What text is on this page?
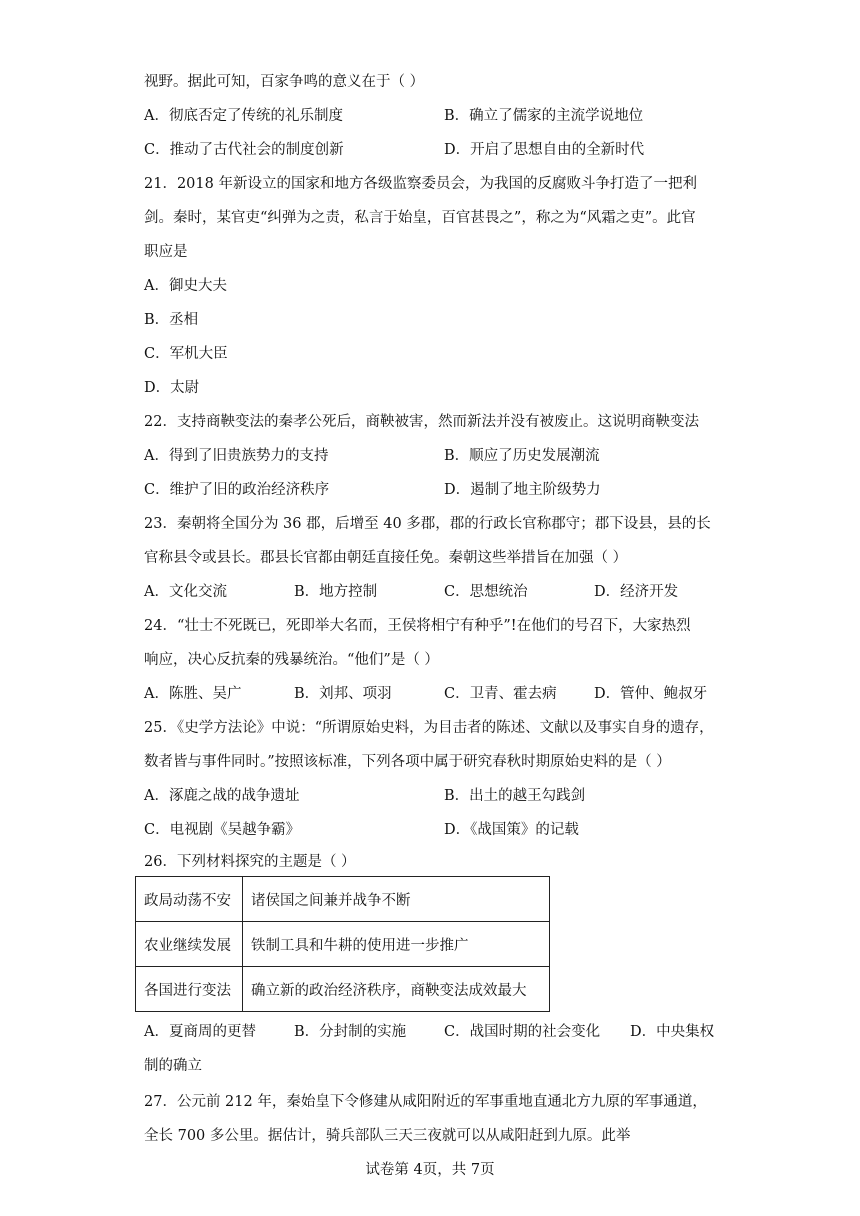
视野。据此可知，百家争鸣的意义在于（ ）
A．彻底否定了传统的礼乐制度	B．确立了儒家的主流学说地位
C．推动了古代社会的制度创新	D．开启了思想自由的全新时代
21．2018 年新设立的国家和地方各级监察委员会，为我国的反腐败斗争打造了一把利
剑。秦时，某官吏“纠弹为之责，私言于始皇，百官甚畏之”，称之为“风霜之吏”。此官
职应是
A．御史大夫
B．丞相
C．军机大臣
D．太尉
22．支持商鞅变法的秦孝公死后，商鞅被害，然而新法并没有被废止。这说明商鞅变法
A．得到了旧贵族势力的支持	B．顺应了历史发展潮流
C．维护了旧的政治经济秩序	D．遏制了地主阶级势力
23．秦朝将全国分为 36 郡，后增至 40 多郡，郡的行政长官称郡守；郡下设县，县的长
官称县令或县长。郡县长官都由朝廷直接任免。秦朝这些举措旨在加强（ ）
A．文化交流	B．地方控制	C．思想统治	D．经济开发
24．“壮士不死既已，死即举大名而，王侯将相宁有种乎”!在他们的号召下，大家热烈
响应，决心反抗秦的残暴统治。“他们”是（ ）
A．陈胜、吴广	B．刘邦、项羽	C．卫青、霍去病	D．管仲、鲍叔牙
25．《史学方法论》中说：“所谓原始史料，为目击者的陈述、文献以及事实自身的遗存，
数者皆与事件同时。”按照该标准，下列各项中属于研究春秋时期原始史料的是（ ）
A．涿鹿之战的战争遗址	B．出土的越王勾践剑
C．电视剧《吴越争霸》	D．《战国策》的记载
26．下列材料探究的主题是（ ）
政局动荡不安	诸侯国之间兼并战争不断
农业继续发展	铁制工具和牛耕的使用进一步推广
各国进行变法	确立新的政治经济秩序，商鞅变法成效最大
A．夏商周的更替	B．分封制的实施	C．战国时期的社会变化 D．中央集权
制的确立
27．公元前 212 年，秦始皇下令修建从咸阳附近的军事重地直通北方九原的军事通道，
全长 700 多公里。据估计，骑兵部队三天三夜就可以从咸阳赶到九原。此举
试卷第 4页，共 7页
